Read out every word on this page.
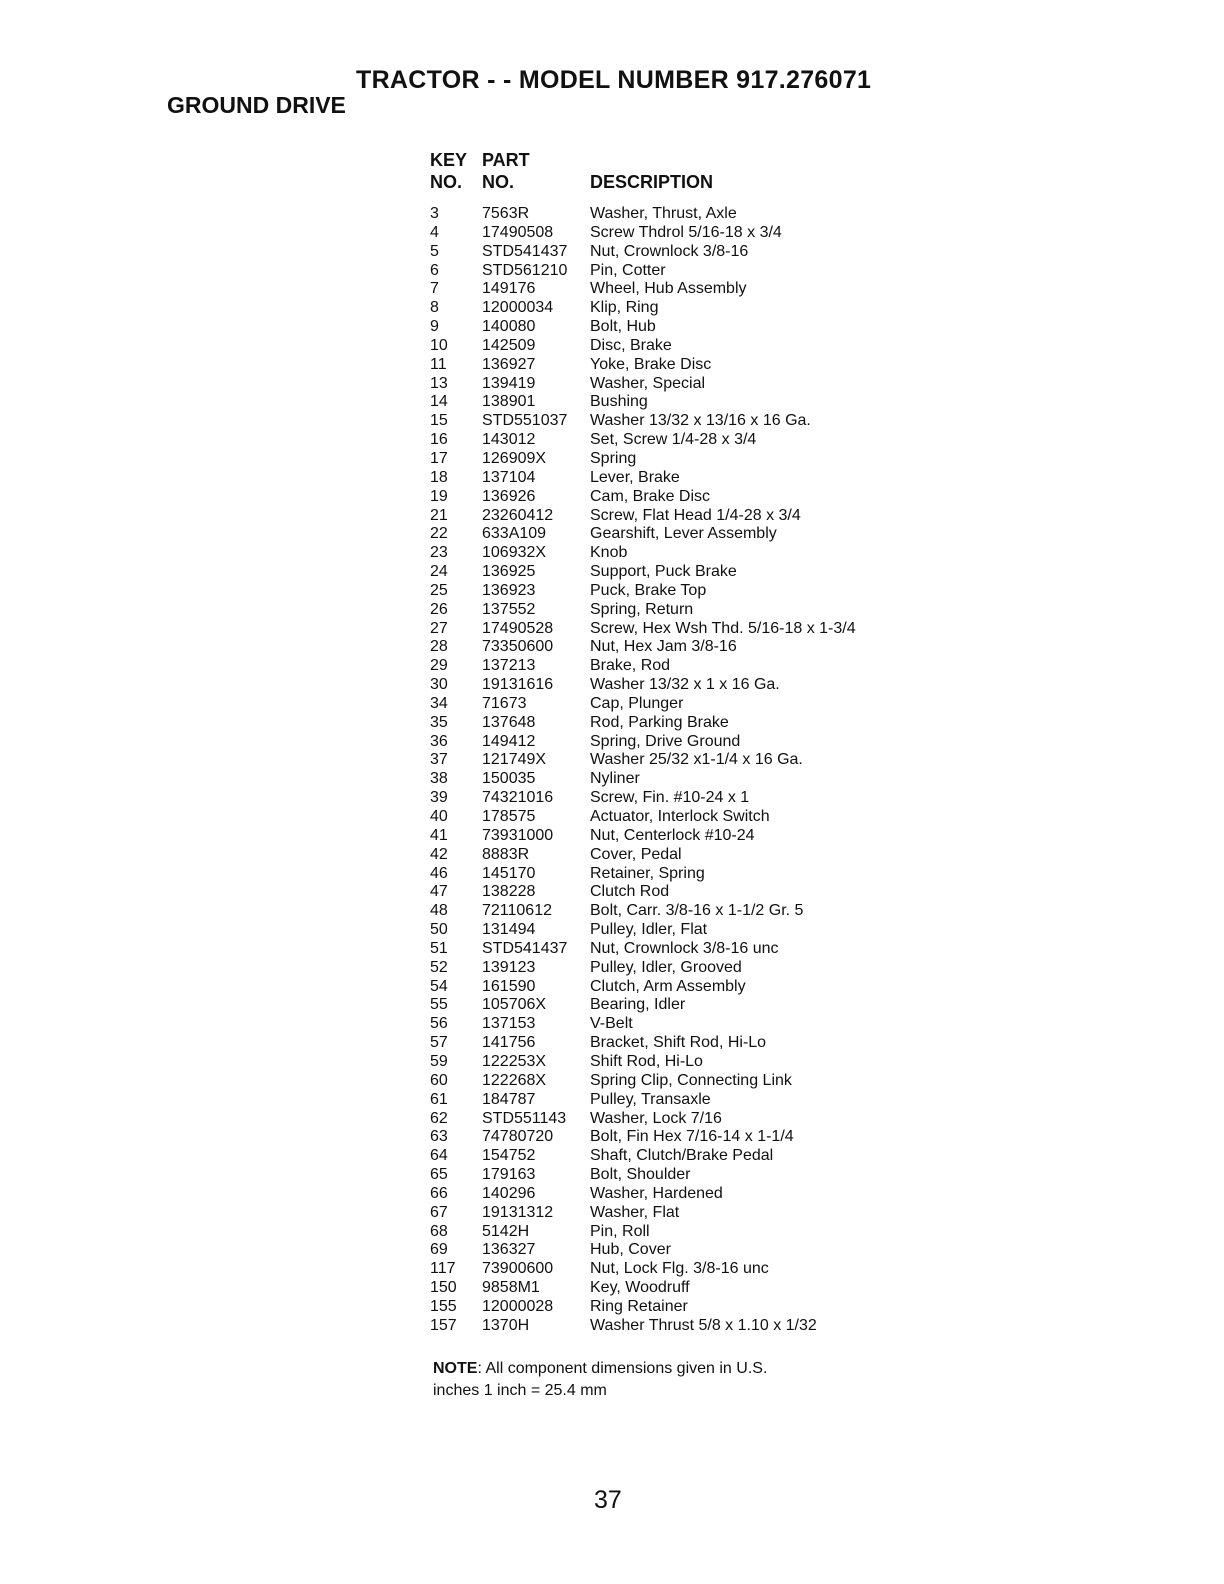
TRACTOR - - MODEL NUMBER 917.276071
GROUND DRIVE
KEY
NO.
PART
NO.	DESCRIPTION
3	7563R	Washer, Thrust, Axle
4	17490508 Screw Thdrol 5/16-18 x 3/4
5	STD541437 Nut, Crownlock 3/8-16
6	STD561210 Pin, Cotter
7	149176	Wheel, Hub Assembly
8	12000034 Klip, Ring
9	140080	Bolt, Hub
10 142509	Disc, Brake
11 136927	Yoke, Brake Disc
13 139419	Washer, Special
14 138901	Bushing
15 STD551037 Washer 13/32 x 13/16 x 16 Ga.
16 143012	Set, Screw 1/4-28 x 3/4
17 126909X	Spring
18 137104	Lever, Brake
19 136926	Cam, Brake Disc
21 23260412 Screw, Flat Head 1/4-28 x 3/4
22 633A109	Gearshift, Lever Assembly
23 106932X	Knob
24 136925	Support, Puck Brake
25 136923	Puck, Brake Top
26 137552	Spring, Return
27 17490528 Screw, Hex Wsh Thd. 5/16-18 x 1-3/4
28 73350600 Nut, Hex Jam 3/8-16
29 137213	Brake, Rod
30 19131616 Washer 13/32 x 1 x 16 Ga.
34 71673	Cap, Plunger
35 137648	Rod, Parking Brake
36 149412	Spring, Drive Ground
37 121749X	Washer 25/32 x1-1/4 x 16 Ga.
38 150035	Nyliner
39 74321016 Screw, Fin. #10-24 x 1
40 178575	Actuator, Interlock Switch
41 73931000 Nut, Centerlock #10-24
42 8883R	Cover, Pedal
46 145170	Retainer, Spring
47 138228	Clutch Rod
48 72110612 Bolt, Carr. 3/8-16 x 1-1/2 Gr. 5
50 131494	Pulley, Idler, Flat
51 STD541437 Nut, Crownlock 3/8-16 unc
52 139123	Pulley, Idler, Grooved
54 161590	Clutch, Arm Assembly
55 105706X	Bearing, Idler
56 137153	V-Belt
57 141756	Bracket, Shift Rod, Hi-Lo
59 122253X	Shift Rod, Hi-Lo
60 122268X	Spring Clip, Connecting Link
61 184787	Pulley, Transaxle
62 STD551143 Washer, Lock 7/16
63 74780720 Bolt, Fin Hex 7/16-14 x 1-1/4
64 154752	Shaft, Clutch/Brake Pedal
65 179163	Bolt, Shoulder
66 140296	Washer, Hardened
67 19131312 Washer, Flat
68 5142H	Pin, Roll
69 136327	Hub, Cover
117 73900600 Nut, Lock Flg. 3/8-16 unc
150 9858M1	Key, Woodruff
155 12000028 Ring Retainer
157 1370H	Washer Thrust 5/8 x 1.10 x 1/32
NOTE: All component dimensions given in U.S.
inches 1 inch = 25.4 mm
37
